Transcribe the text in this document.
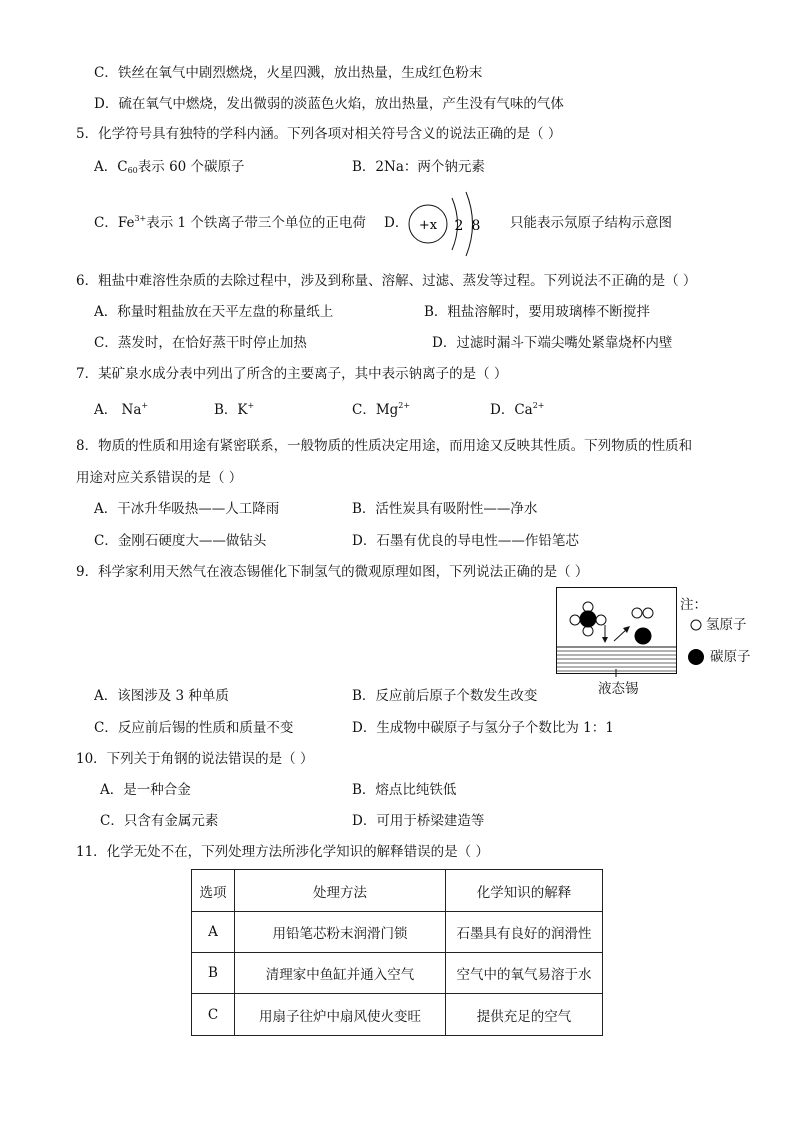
C．铁丝在氧气中剧烈燃烧，火星四溅，放出热量，生成红色粉末
D．硫在氧气中燃烧，发出微弱的淡蓝色火焰，放出热量，产生没有气味的气体
5．化学符号具有独特的学科内涵。下列各项对相关符号含义的说法正确的是（ ）
A．$C_{60}$表示 60 个碳原子	B．2Na：两个钠元素
C．$Fe^{3+}$表示 1 个铁离子带三个单位的正电荷 D． +x 2 8 只能表示氖原子结构示意图
6．粗盐中难溶性杂质的去除过程中，涉及到称量、溶解、过滤、蒸发等过程。下列说法不正确的是（ ）
A．称量时粗盐放在天平左盘的称量纸上	B．粗盐溶解时，要用玻璃棒不断搅拌
C．蒸发时，在恰好蒸干时停止加热	D．过滤时漏斗下端尖嘴处紧靠烧杯内壁
7．某矿泉水成分表中列出了所含的主要离子，其中表示钠离子的是（ ）
A． Na+	B．K+	C．$Mg^{2+}$	D．$Ca^{2+}$
8．物质的性质和用途有紧密联系，一般物质的性质决定用途，而用途又反映其性质。下列物质的性质和
用途对应关系错误的是（ ）
A．干冰升华吸热——人工降雨	B．活性炭具有吸附性——净水
C．金刚石硬度大——做钻头	D．石墨有优良的导电性——作铅笔芯
9．科学家利用天然气在液态锡催化下制氢气的微观原理如图，下列说法正确的是（ ）
注：
氢原子
碳原子
液态锡
A．该图涉及 3 种单质	B．反应前后原子个数发生改变
C．反应前后锡的性质和质量不变	D．生成物中碳原子与氢分子个数比为 1：1
10．下列关于角钢的说法错误的是（ ）
A．是一种合金	B．熔点比纯铁低
C．只含有金属元素	D．可用于桥梁建造等
11．化学无处不在，下列处理方法所涉化学知识的解释错误的是（ ）
选项	处理方法	化学知识的解释
A	用铅笔芯粉末润滑门锁	石墨具有良好的润滑性
B	清理家中鱼缸并通入空气	空气中的氧气易溶于水
C	用扇子往炉中扇风使火变旺	提供充足的空气
